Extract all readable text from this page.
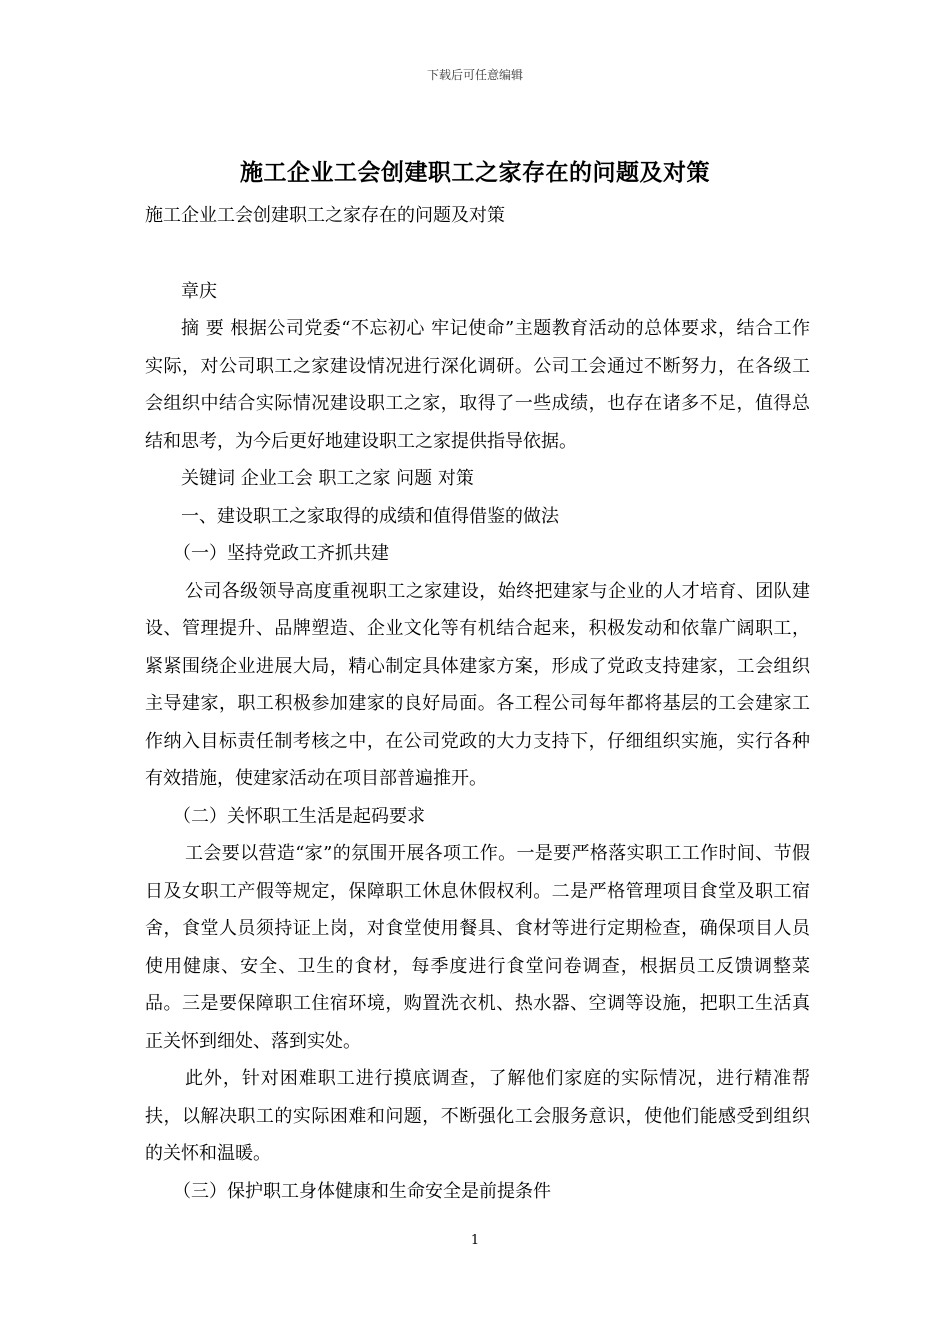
下载后可任意编辑
施工企业工会创建职工之家存在的问题及对策

施工企业工会创建职工之家存在的问题及对策

章庆

摘 要 根据公司党委“不忘初心 牢记使命”主题教育活动的总体要求，结合工作实际，对公司职工之家建设情况进行深化调研。公司工会通过不断努力，在各级工会组织中结合实际情况建设职工之家，取得了一些成绩，也存在诸多不足，值得总结和思考，为今后更好地建设职工之家提供指导依据。

关键词 企业工会 职工之家 问题 对策

一、建设职工之家取得的成绩和值得借鉴的做法

（一）坚持党政工齐抓共建

公司各级领导高度重视职工之家建设，始终把建家与企业的人才培育、团队建设、管理提升、品牌塑造、企业文化等有机结合起来，积极发动和依靠广阔职工，紧紧围绕企业进展大局，精心制定具体建家方案，形成了党政支持建家，工会组织主导建家，职工积极参加建家的良好局面。各工程公司每年都将基层的工会建家工作纳入目标责任制考核之中，在公司党政的大力支持下，仔细组织实施，实行各种有效措施，使建家活动在项目部普遍推开。

（二）关怀职工生活是起码要求

工会要以营造“家”的氛围开展各项工作。一是要严格落实职工工作时间、节假日及女职工产假等规定，保障职工休息休假权利。二是严格管理项目食堂及职工宿舍，食堂人员须持证上岗，对食堂使用餐具、食材等进行定期检查，确保项目人员使用健康、安全、卫生的食材，每季度进行食堂问卷调查，根据员工反馈调整菜品。三是要保障职工住宿环境，购置洗衣机、热水器、空调等设施，把职工生活真正关怀到细处、落到实处。

此外，针对困难职工进行摸底调查，了解他们家庭的实际情况，进行精准帮扶，以解决职工的实际困难和问题，不断强化工会服务意识，使他们能感受到组织的关怀和温暖。

（三）保护职工身体健康和生命安全是前提条件

1
